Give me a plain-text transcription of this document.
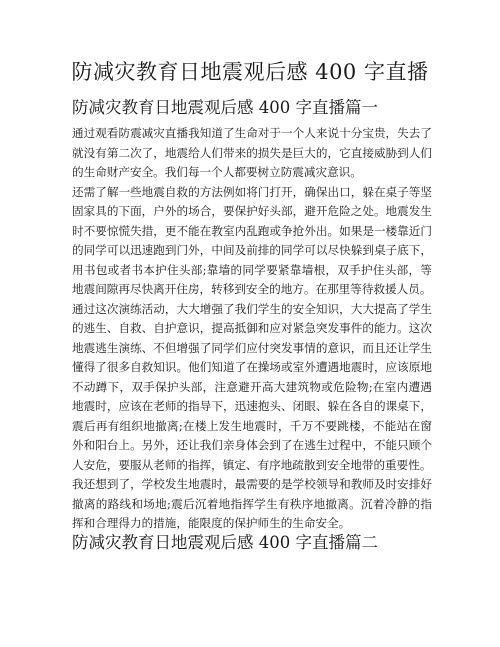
防减灾教育日地震观后感 400 字直播
防减灾教育日地震观后感 400 字直播篇一

通过观看防震减灾直播我知道了生命对于一个人来说十分宝贵，失去了就没有第二次了，地震给人们带来的损失是巨大的，它直接威胁到人们的生命财产安全。我们每一个人都要树立防震减灾意识。

还需了解一些地震自救的方法例如将门打开，确保出口，躲在桌子等坚固家具的下面，户外的场合，要保护好头部，避开危险之处。地震发生时不要惊慌失措，更不能在教室内乱跑或争抢外出。如果是一楼靠近门的同学可以迅速跑到门外，中间及前排的同学可以尽快躲到桌子底下，用书包或者书本护住头部;靠墙的同学要紧靠墙根，双手护住头部，等地震间隙再尽快离开住房，转移到安全的地方。在那里等待救援人员。

通过这次演练活动，大大增强了我们学生的安全知识，大大提高了学生的逃生、自救、自护意识，提高抵御和应对紧急突发事件的能力。这次地震逃生演练、不但增强了同学们应付突发事情的意识，而且还让学生懂得了很多自救知识。他们知道了在操场或室外遭遇地震时，应该原地不动蹲下，双手保护头部，注意避开高大建筑物或危险物;在室内遭遇地震时，应该在老师的指导下，迅速抱头、闭眼、躲在各自的课桌下，震后再有组织地撤离;在楼上发生地震时，千万不要跳楼，不能站在窗外和阳台上。另外，还让我们亲身体会到了在逃生过程中，不能只顾个人安危，要服从老师的指挥，镇定、有序地疏散到安全地带的重要性。

我还想到了，学校发生地震时，最需要的是学校领导和教师及时安排好撤离的路线和场地;震后沉着地指挥学生有秩序地撤离。沉着冷静的指挥和合理得力的措施，能限度的保护师生的生命安全。

防减灾教育日地震观后感 400 字直播篇二
